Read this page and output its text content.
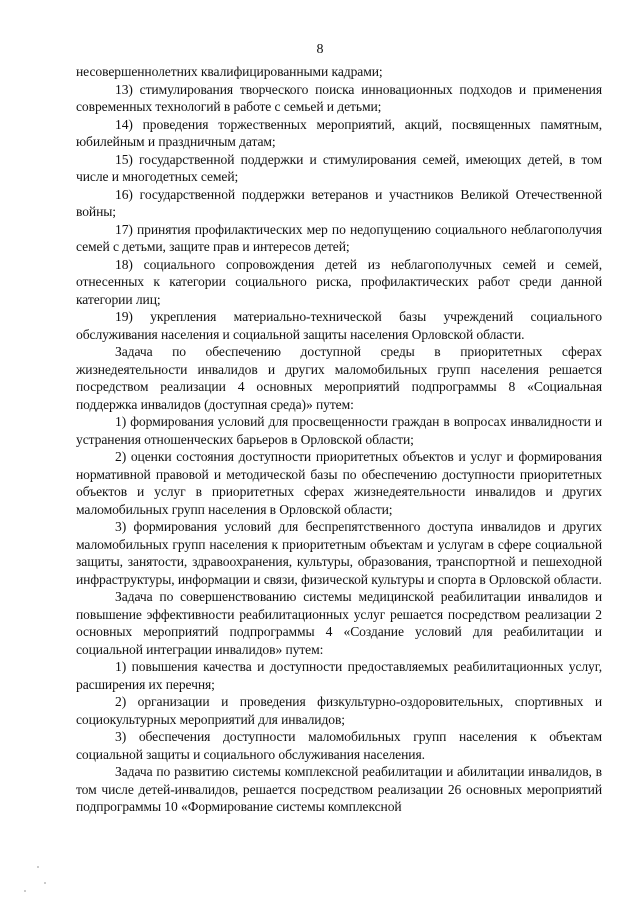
8

несовершеннолетних квалифицированными кадрами;

13) стимулирования творческого поиска инновационных подходов и применения современных технологий в работе с семьей и детьми;

14) проведения торжественных мероприятий, акций, посвященных памятным, юбилейным и праздничным датам;

15) государственной поддержки и стимулирования семей, имеющих детей, в том числе и многодетных семей;

16) государственной поддержки ветеранов и участников Великой Отечественной войны;

17) принятия профилактических мер по недопущению социального неблагополучия семей с детьми, защите прав и интересов детей;

18) социального сопровождения детей из неблагополучных семей и семей, отнесенных к категории социального риска, профилактических работ среди данной категории лиц;

19) укрепления материально-технической базы учреждений социального обслуживания населения и социальной защиты населения Орловской области.

Задача по обеспечению доступной среды в приоритетных сферах жизнедеятельности инвалидов и других маломобильных групп населения решается посредством реализации 4 основных мероприятий подпрограммы 8 «Социальная поддержка инвалидов (доступная среда)» путем:

1) формирования условий для просвещенности граждан в вопросах инвалидности и устранения отношенческих барьеров в Орловской области;

2) оценки состояния доступности приоритетных объектов и услуг и формирования нормативной правовой и методической базы по обеспечению доступности приоритетных объектов и услуг в приоритетных сферах жизнедеятельности инвалидов и других маломобильных групп населения в Орловской области;

3) формирования условий для беспрепятственного доступа инвалидов и других маломобильных групп населения к приоритетным объектам и услугам в сфере социальной защиты, занятости, здравоохранения, культуры, образования, транспортной и пешеходной инфраструктуры, информации и связи, физической культуры и спорта в Орловской области.

Задача по совершенствованию системы медицинской реабилитации инвалидов и повышение эффективности реабилитационных услуг решается посредством реализации 2 основных мероприятий подпрограммы 4 «Создание условий для реабилитации и социальной интеграции инвалидов» путем:

1) повышения качества и доступности предоставляемых реабилитационных услуг, расширения их перечня;

2) организации и проведения физкультурно-оздоровительных, спортивных и социокультурных мероприятий для инвалидов;

3) обеспечения доступности маломобильных групп населения к объектам социальной защиты и социального обслуживания населения.

Задача по развитию системы комплексной реабилитации и абилитации инвалидов, в том числе детей-инвалидов, решается посредством реализации 26 основных мероприятий подпрограммы 10 «Формирование системы комплексной
